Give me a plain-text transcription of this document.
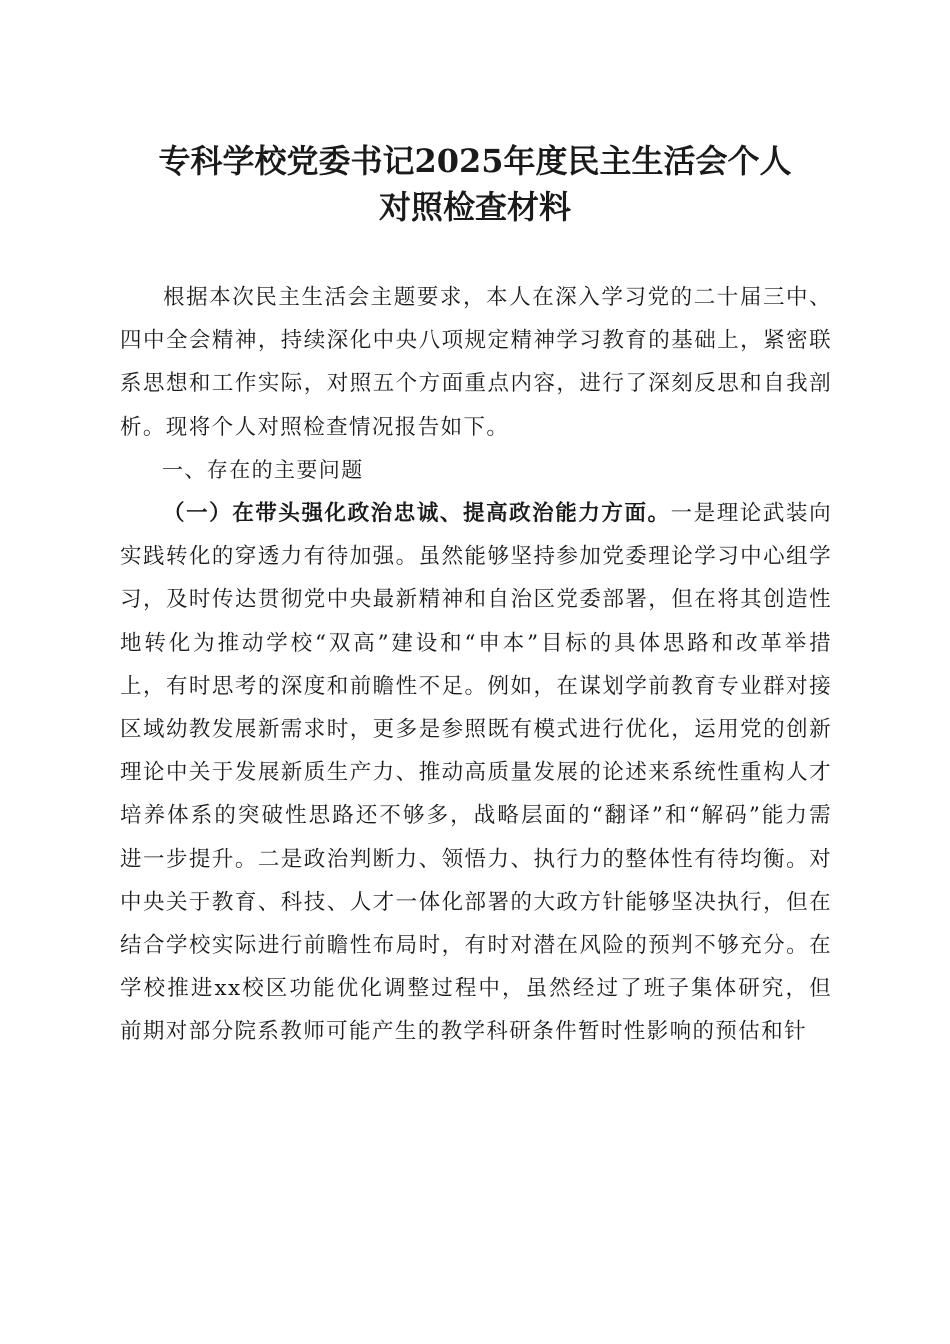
专科学校党委书记2025年度民主生活会个人
对照检查材料

根据本次民主生活会主题要求，本人在深入学习党的二十届三中、四中全会精神，持续深化中央八项规定精神学习教育的基础上，紧密联系思想和工作实际，对照五个方面重点内容，进行了深刻反思和自我剖析。现将个人对照检查情况报告如下。

一、存在的主要问题

（一）在带头强化政治忠诚、提高政治能力方面。一是理论武装向实践转化的穿透力有待加强。虽然能够坚持参加党委理论学习中心组学习，及时传达贯彻党中央最新精神和自治区党委部署，但在将其创造性地转化为推动学校“双高”建设和“申本”目标的具体思路和改革举措上，有时思考的深度和前瞻性不足。例如，在谋划学前教育专业群对接区域幼教发展新需求时，更多是参照既有模式进行优化，运用党的创新理论中关于发展新质生产力、推动高质量发展的论述来系统性重构人才培养体系的突破性思路还不够多，战略层面的“翻译”和“解码”能力需进一步提升。二是政治判断力、领悟力、执行力的整体性有待均衡。对中央关于教育、科技、人才一体化部署的大政方针能够坚决执行，但在结合学校实际进行前瞻性布局时，有时对潜在风险的预判不够充分。在学校推进xx校区功能优化调整过程中，虽然经过了班子集体研究，但前期对部分院系教师可能产生的教学科研条件暂时性影响的预估和针
